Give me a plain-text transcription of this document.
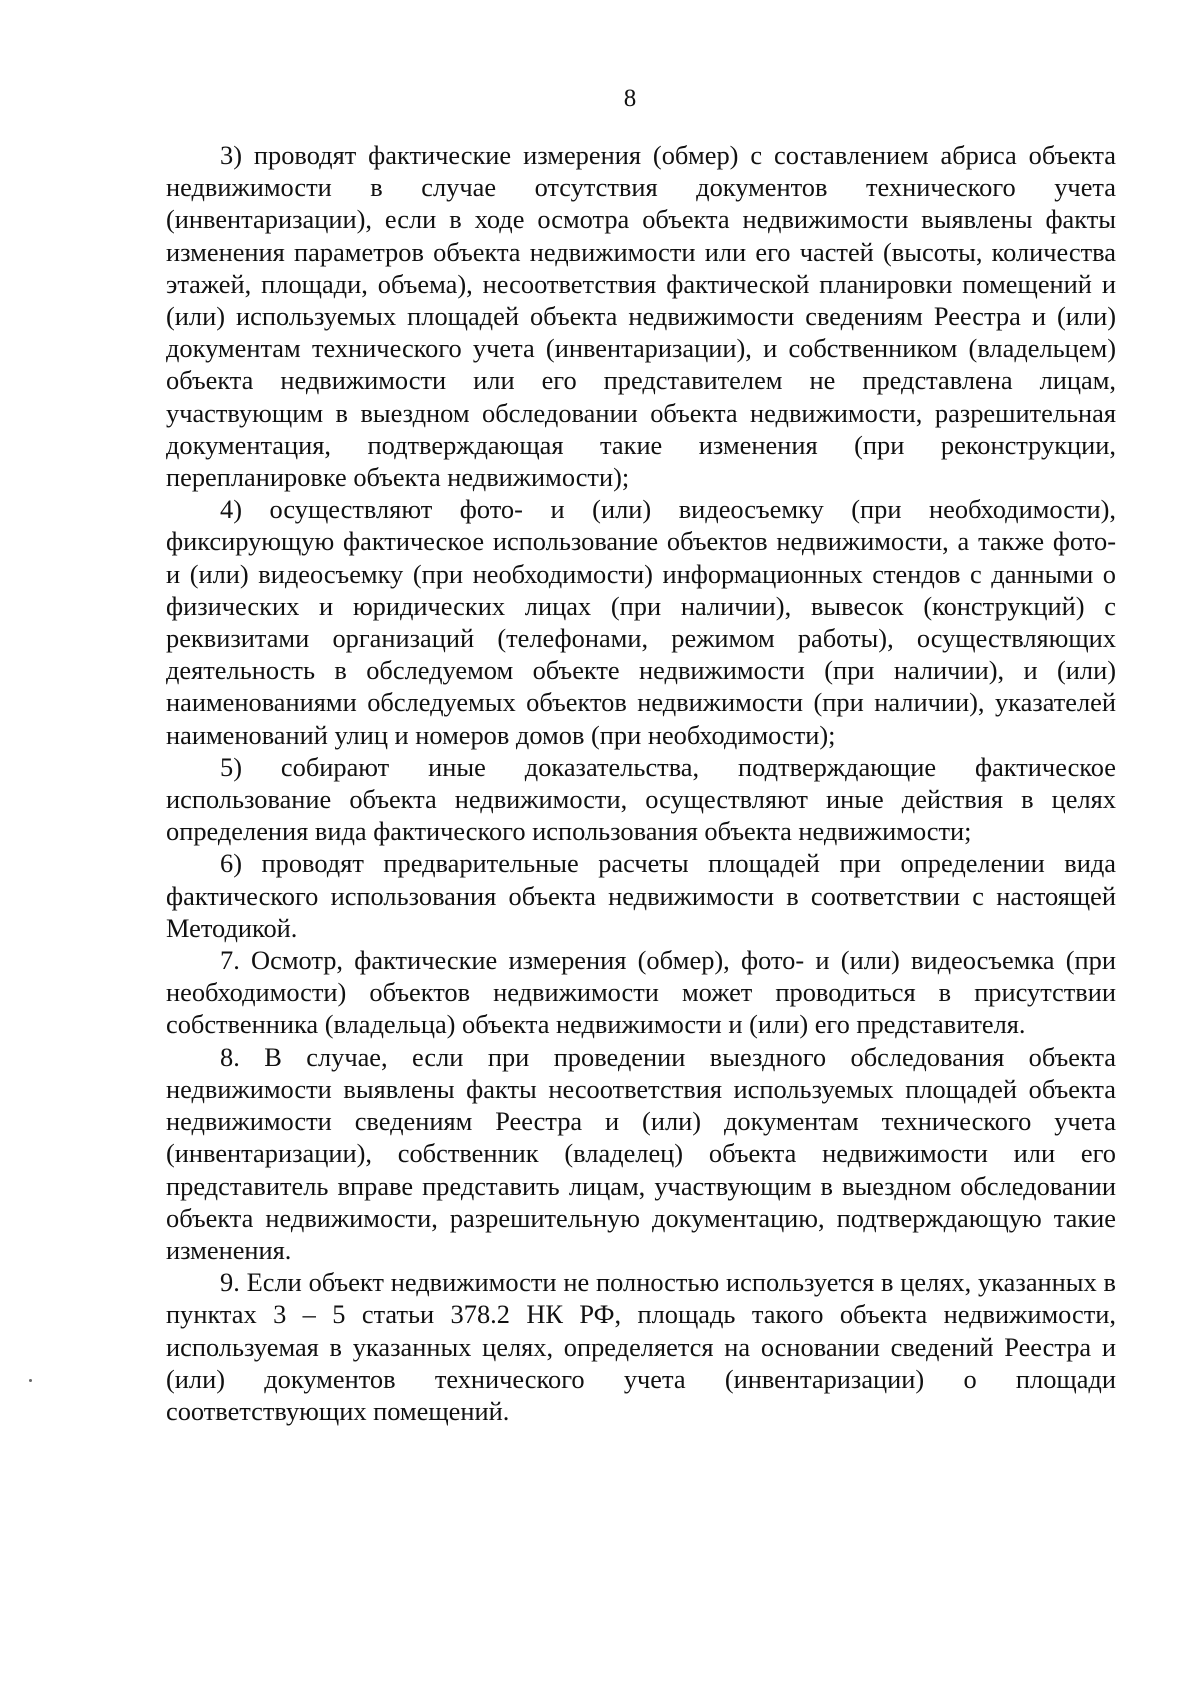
8

3) проводят фактические измерения (обмер) с составлением абриса объекта недвижимости в случае отсутствия документов технического учета (инвентаризации), если в ходе осмотра объекта недвижимости выявлены факты изменения параметров объекта недвижимости или его частей (высоты, количества этажей, площади, объема), несоответствия фактической планировки помещений и (или) используемых площадей объекта недвижимости сведениям Реестра и (или) документам технического учета (инвентаризации), и собственником (владельцем) объекта недвижимости или его представителем не представлена лицам, участвующим в выездном обследовании объекта недвижимости, разрешительная документация, подтверждающая такие изменения (при реконструкции, перепланировке объекта недвижимости);

4) осуществляют фото- и (или) видеосъемку (при необходимости), фиксирующую фактическое использование объектов недвижимости, а также фото- и (или) видеосъемку (при необходимости) информационных стендов с данными о физических и юридических лицах (при наличии), вывесок (конструкций) с реквизитами организаций (телефонами, режимом работы), осуществляющих деятельность в обследуемом объекте недвижимости (при наличии), и (или) наименованиями обследуемых объектов недвижимости (при наличии), указателей наименований улиц и номеров домов (при необходимости);

5) собирают иные доказательства, подтверждающие фактическое использование объекта недвижимости, осуществляют иные действия в целях определения вида фактического использования объекта недвижимости;

6) проводят предварительные расчеты площадей при определении вида фактического использования объекта недвижимости в соответствии с настоящей Методикой.

7. Осмотр, фактические измерения (обмер), фото- и (или) видеосъемка (при необходимости) объектов недвижимости может проводиться в присутствии собственника (владельца) объекта недвижимости и (или) его представителя.

8. В случае, если при проведении выездного обследования объекта недвижимости выявлены факты несоответствия используемых площадей объекта недвижимости сведениям Реестра и (или) документам технического учета (инвентаризации), собственник (владелец) объекта недвижимости или его представитель вправе представить лицам, участвующим в выездном обследовании объекта недвижимости, разрешительную документацию, подтверждающую такие изменения.

9. Если объект недвижимости не полностью используется в целях, указанных в пунктах 3 – 5 статьи 378.2 НК РФ, площадь такого объекта недвижимости, используемая в указанных целях, определяется на основании сведений Реестра и (или) документов технического учета (инвентаризации) о площади соответствующих помещений.
